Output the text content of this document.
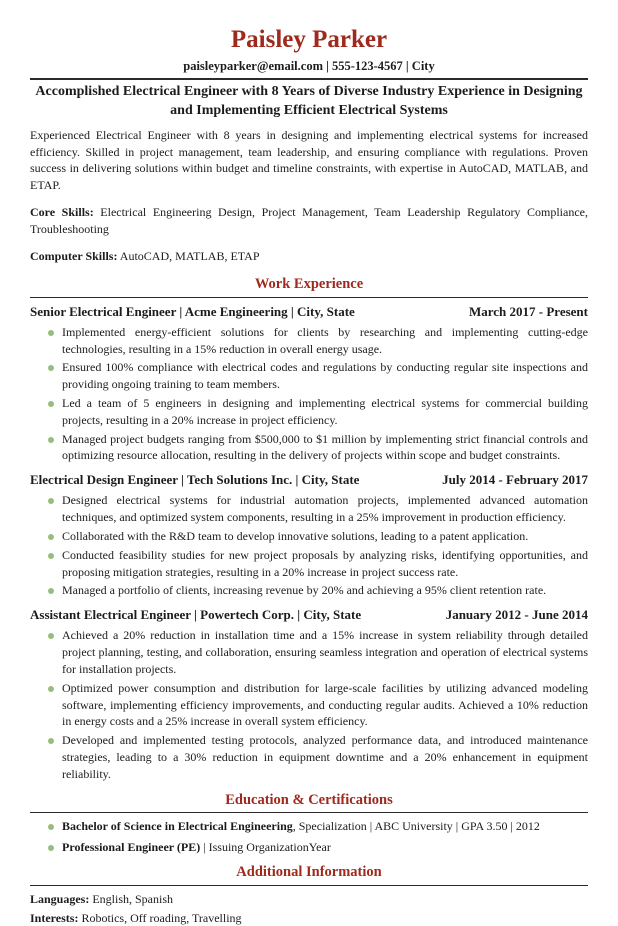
Paisley Parker
paisleyparker@email.com | 555-123-4567 | City
Accomplished Electrical Engineer with 8 Years of Diverse Industry Experience in Designing and Implementing Efficient Electrical Systems
Experienced Electrical Engineer with 8 years in designing and implementing electrical systems for increased efficiency. Skilled in project management, team leadership, and ensuring compliance with regulations. Proven success in delivering solutions within budget and timeline constraints, with expertise in AutoCAD, MATLAB, and ETAP.
Core Skills: Electrical Engineering Design, Project Management, Team Leadership Regulatory Compliance, Troubleshooting
Computer Skills: AutoCAD, MATLAB, ETAP
Work Experience
Senior Electrical Engineer | Acme Engineering | City, State	March 2017 - Present
Implemented energy-efficient solutions for clients by researching and implementing cutting-edge technologies, resulting in a 15% reduction in overall energy usage.
Ensured 100% compliance with electrical codes and regulations by conducting regular site inspections and providing ongoing training to team members.
Led a team of 5 engineers in designing and implementing electrical systems for commercial building projects, resulting in a 20% increase in project efficiency.
Managed project budgets ranging from $500,000 to $1 million by implementing strict financial controls and optimizing resource allocation, resulting in the delivery of projects within scope and budget constraints.
Electrical Design Engineer | Tech Solutions Inc. | City, State	July 2014 - February 2017
Designed electrical systems for industrial automation projects, implemented advanced automation techniques, and optimized system components, resulting in a 25% improvement in production efficiency.
Collaborated with the R&D team to develop innovative solutions, leading to a patent application.
Conducted feasibility studies for new project proposals by analyzing risks, identifying opportunities, and proposing mitigation strategies, resulting in a 20% increase in project success rate.
Managed a portfolio of clients, increasing revenue by 20% and achieving a 95% client retention rate.
Assistant Electrical Engineer | Powertech Corp. | City, State	January 2012 - June 2014
Achieved a 20% reduction in installation time and a 15% increase in system reliability through detailed project planning, testing, and collaboration, ensuring seamless integration and operation of electrical systems for installation projects.
Optimized power consumption and distribution for large-scale facilities by utilizing advanced modeling software, implementing efficiency improvements, and conducting regular audits. Achieved a 10% reduction in energy costs and a 25% increase in overall system efficiency.
Developed and implemented testing protocols, analyzed performance data, and introduced maintenance strategies, leading to a 30% reduction in equipment downtime and a 20% enhancement in equipment reliability.
Education & Certifications
Bachelor of Science in Electrical Engineering, Specialization | ABC University | GPA 3.50 | 2012
Professional Engineer (PE) | Issuing OrganizationYear
Additional Information
Languages: English, Spanish
Interests: Robotics, Off roading, Travelling
